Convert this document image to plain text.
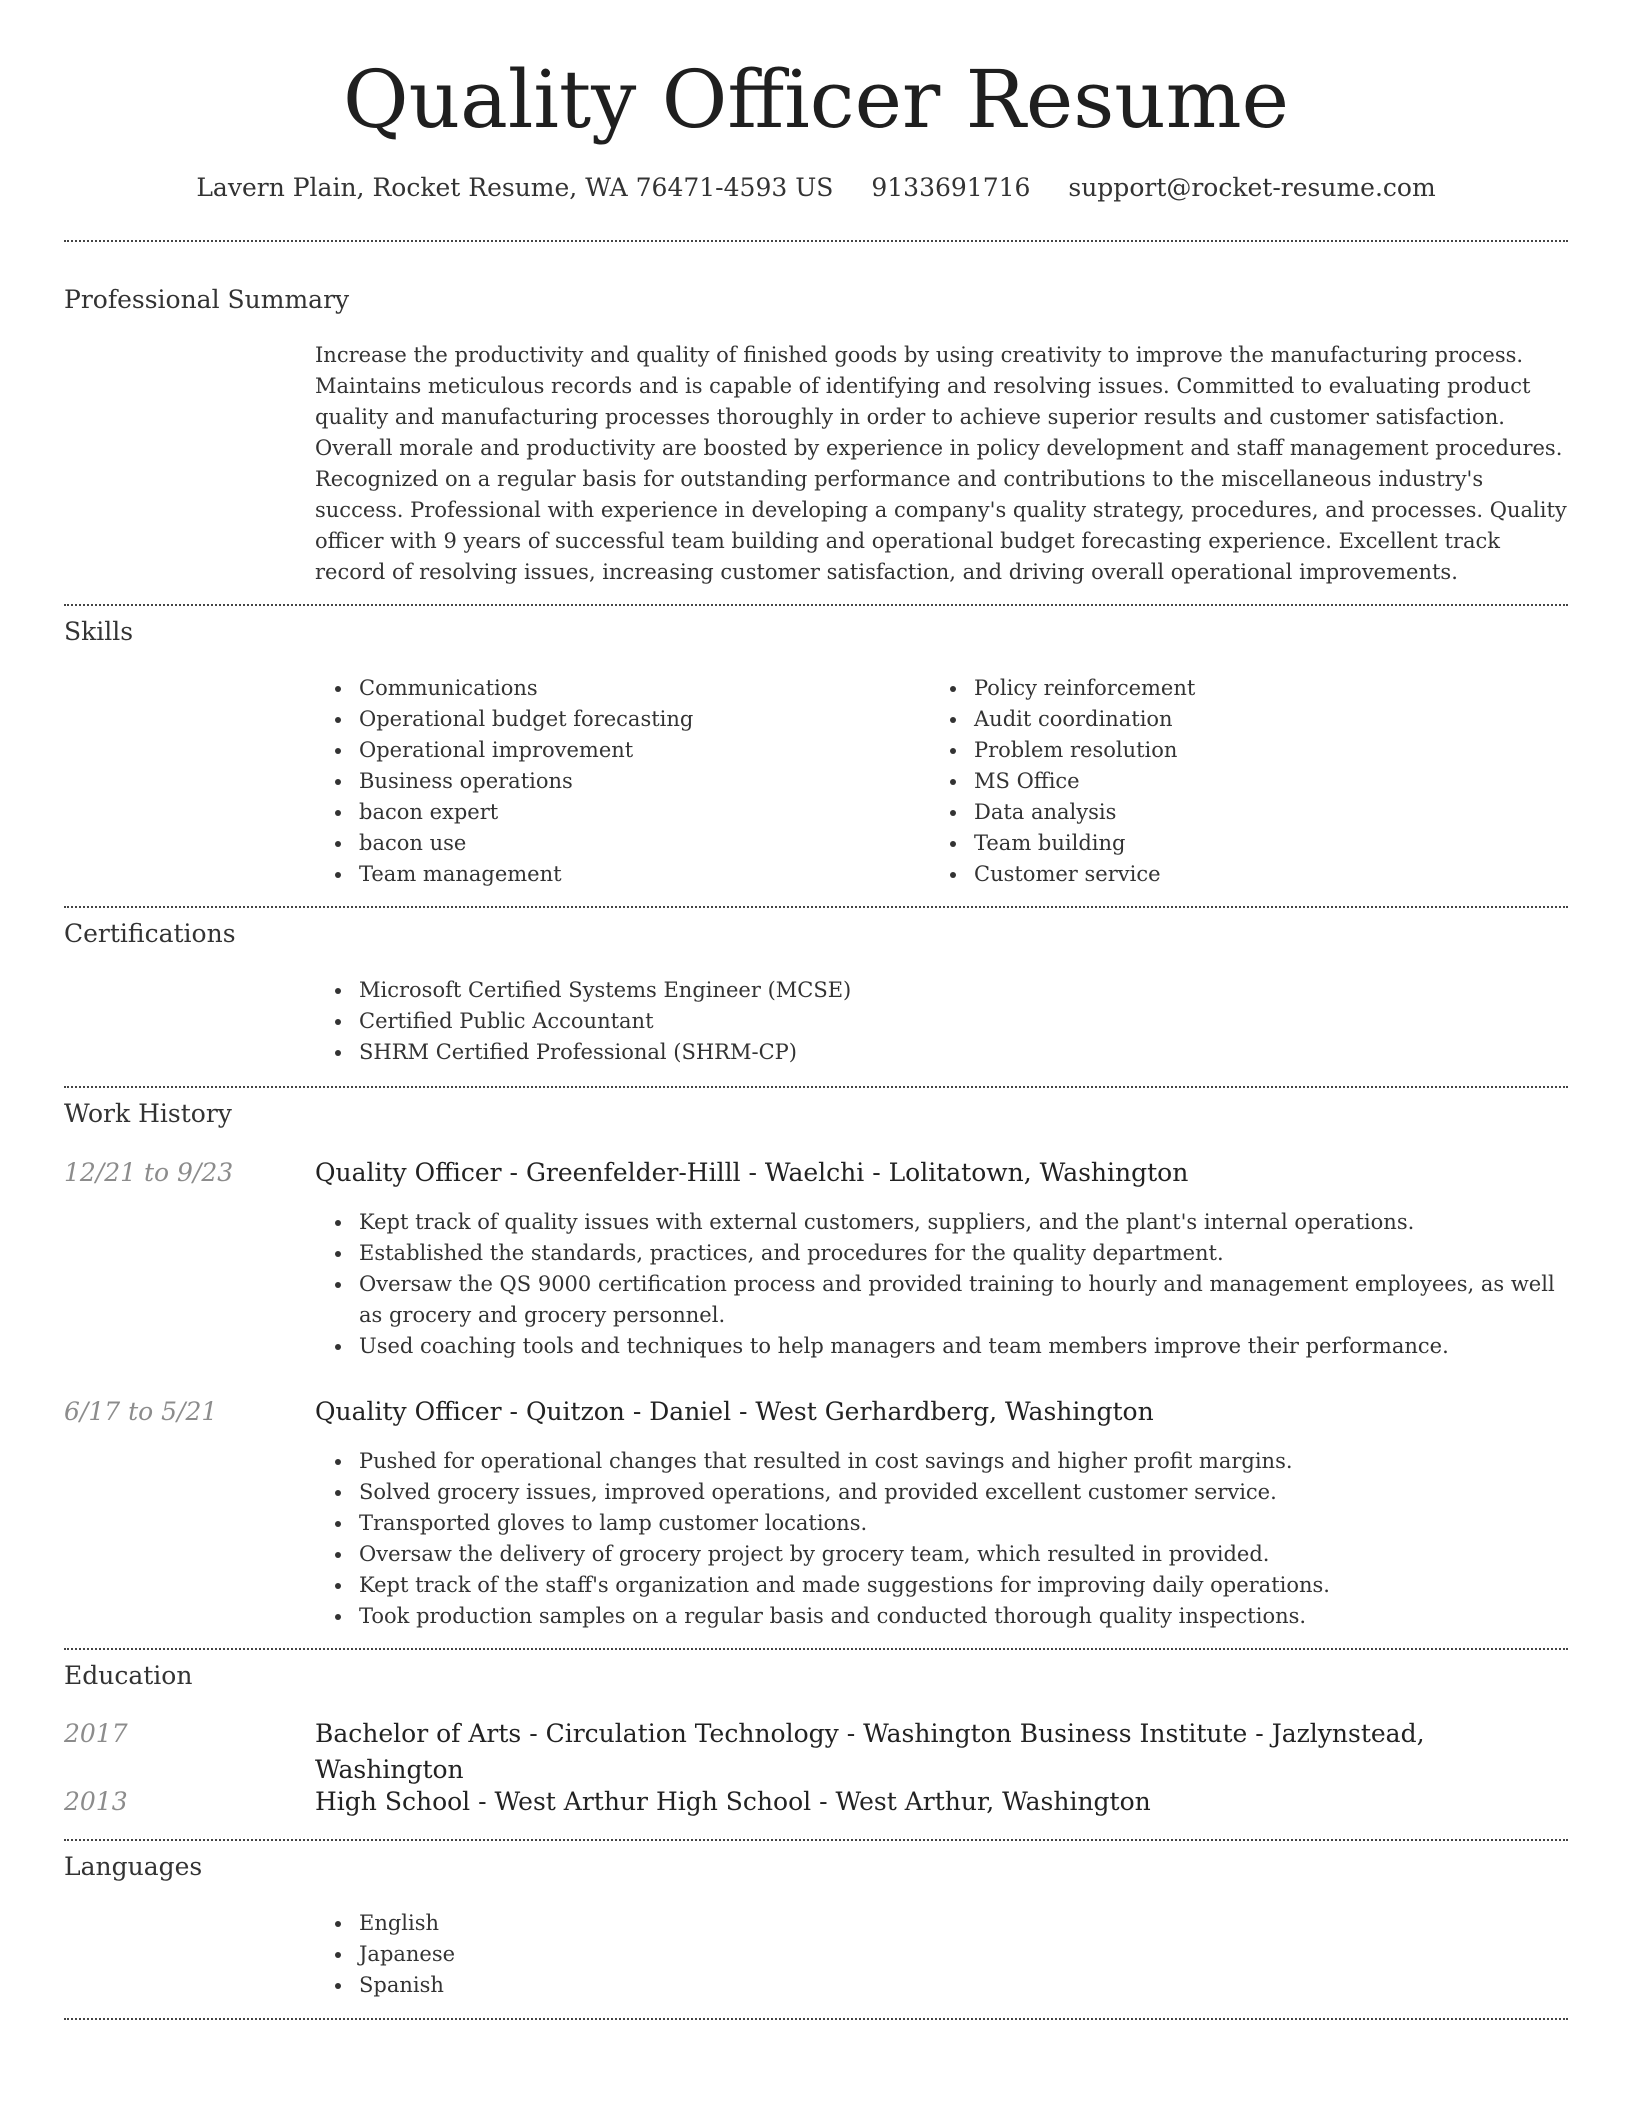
Quality Officer Resume
Lavern Plain, Rocket Resume, WA 76471-4593 US 9133691716 support@rocket-resume.com
Professional Summary

Increase the productivity and quality of finished goods by using creativity to improve the manufacturing process. Maintains meticulous records and is capable of identifying and resolving issues. Committed to evaluating product quality and manufacturing processes thoroughly in order to achieve superior results and customer satisfaction. Overall morale and productivity are boosted by experience in policy development and staff management procedures. Recognized on a regular basis for outstanding performance and contributions to the miscellaneous industry's success. Professional with experience in developing a company's quality strategy, procedures, and processes. Quality officer with 9 years of successful team building and operational budget forecasting experience. Excellent track record of resolving issues, increasing customer satisfaction, and driving overall operational improvements.

Skills
Communications
Operational budget forecasting
Operational improvement
Business operations
bacon expert
bacon use
Team management
Policy reinforcement
Audit coordination
Problem resolution
MS Office
Data analysis
Team building
Customer service
Certifications
Microsoft Certified Systems Engineer (MCSE)
Certified Public Accountant
SHRM Certified Professional (SHRM-CP)
Work History
12/21 to 9/23	Quality Officer - Greenfelder-Hilll - Waelchi - Lolitatown, Washington
Kept track of quality issues with external customers, suppliers, and the plant's internal operations.
Established the standards, practices, and procedures for the quality department.
Oversaw the QS 9000 certification process and provided training to hourly and management employees, as well as grocery and grocery personnel.
Used coaching tools and techniques to help managers and team members improve their performance.
6/17 to 5/21	Quality Officer - Quitzon - Daniel - West Gerhardberg, Washington
Pushed for operational changes that resulted in cost savings and higher profit margins.
Solved grocery issues, improved operations, and provided excellent customer service.
Transported gloves to lamp customer locations.
Oversaw the delivery of grocery project by grocery team, which resulted in provided.
Kept track of the staff's organization and made suggestions for improving daily operations.
Took production samples on a regular basis and conducted thorough quality inspections.
Education
2017	Bachelor of Arts - Circulation Technology - Washington Business Institute - Jazlynstead, Washington
2013	High School - West Arthur High School - West Arthur, Washington
Languages
English
Japanese
Spanish
